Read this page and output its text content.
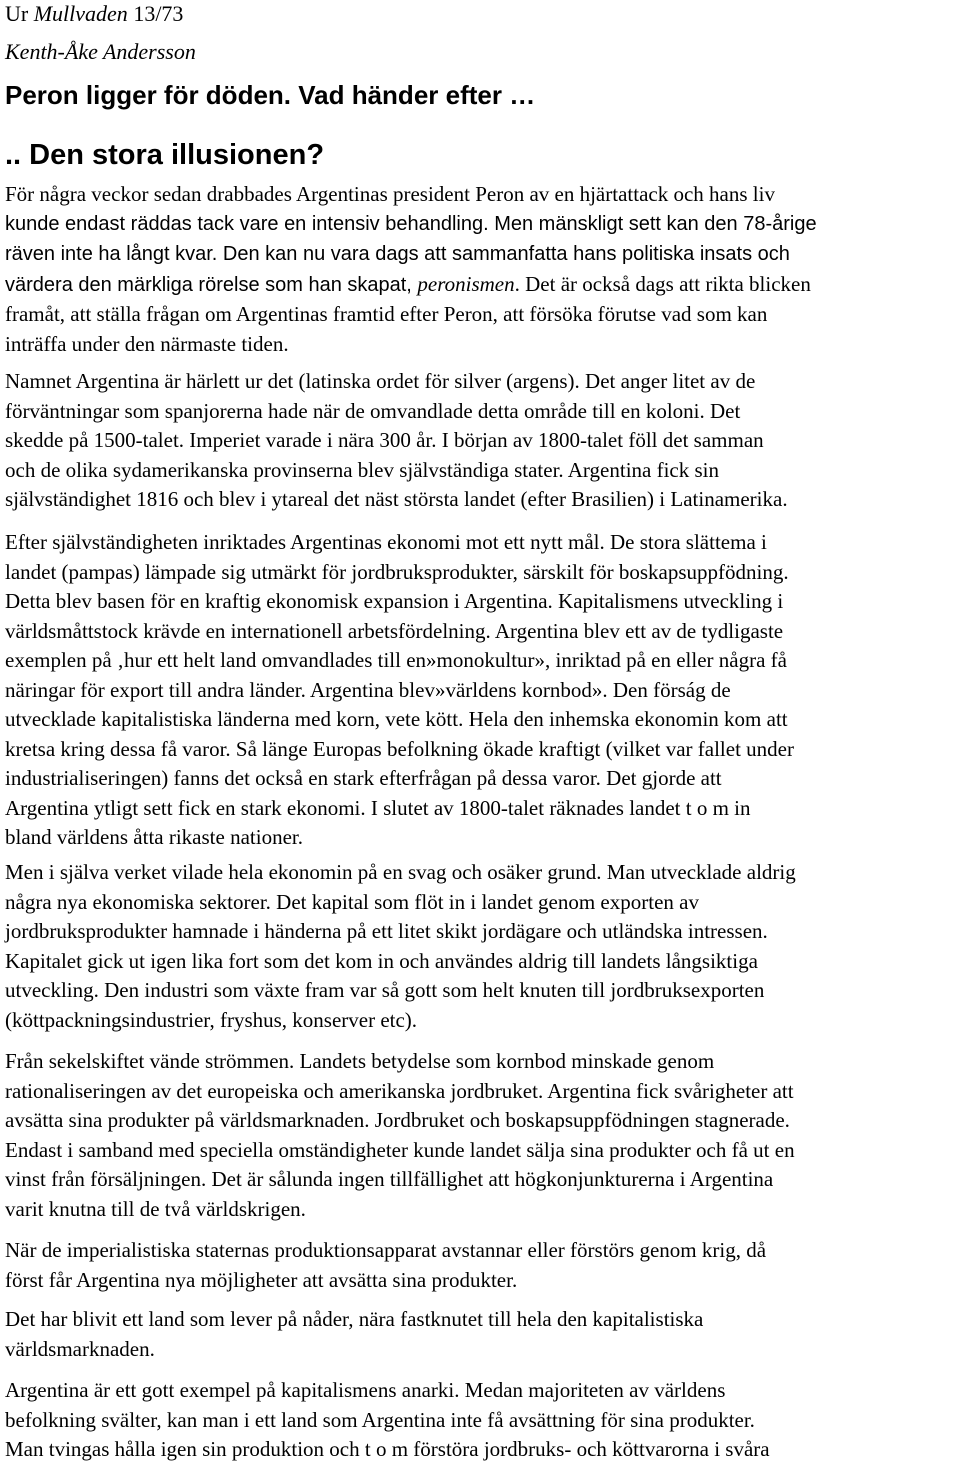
Ur Mullvaden 13/73
Kenth-Åke Andersson
Peron ligger för döden. Vad händer efter …
.. Den stora illusionen?
För några veckor sedan drabbades Argentinas president Peron av en hjärtattack och hans liv
kunde endast räddas tack vare en intensiv behandling. Men mänskligt sett kan den 78-årige
räven inte ha långt kvar. Den kan nu vara dags att sammanfatta hans politiska insats och
värdera den märkliga rörelse som han skapat, peronismen. Det är också dags att rikta blicken
framåt, att ställa frågan om Argentinas framtid efter Peron, att försöka förutse vad som kan
inträffa under den närmaste tiden.
Namnet Argentina är härlett ur det (latinska ordet för silver (argens). Det anger litet av de
förväntningar som spanjorerna hade när de omvandlade detta område till en koloni. Det
skedde på 1500-talet. Imperiet varade i nära 300 år. I början av 1800-talet föll det samman
och de olika sydamerikanska provinserna blev självständiga stater. Argentina fick sin
självständighet 1816 och blev i ytareal det näst största landet (efter Brasilien) i Latinamerika.
Efter självständigheten inriktades Argentinas ekonomi mot ett nytt mål. De stora slättema i
landet (pampas) lämpade sig utmärkt för jordbruksprodukter, särskilt för boskapsuppfödning.
Detta blev basen för en kraftig ekonomisk expansion i Argentina. Kapitalismens utveckling i
världsmåttstock krävde en internationell arbetsfördelning. Argentina blev ett av de tydligaste
exemplen på ‚hur ett helt land omvandlades till en»monokultur», inriktad på en eller några få
näringar för export till andra länder. Argentina blev»världens kornbod». Den förság de
utvecklade kapitalistiska länderna med korn, vete kött. Hela den inhemska ekonomin kom att
kretsa kring dessa få varor. Så länge Europas befolkning ökade kraftigt (vilket var fallet under
industrialiseringen) fanns det också en stark efterfrågan på dessa varor. Det gjorde att
Argentina ytligt sett fick en stark ekonomi. I slutet av 1800-talet räknades landet t o m in
bland världens åtta rikaste nationer.
Men i själva verket vilade hela ekonomin på en svag och osäker grund. Man utvecklade aldrig
några nya ekonomiska sektorer. Det kapital som flöt in i landet genom exporten av
jordbruksprodukter hamnade i händerna på ett litet skikt jordägare och utländska intressen.
Kapitalet gick ut igen lika fort som det kom in och användes aldrig till landets långsiktiga
utveckling. Den industri som växte fram var så gott som helt knuten till jordbruksexporten
(köttpackningsindustrier, fryshus, konserver etc).
Från sekelskiftet vände strömmen. Landets betydelse som kornbod minskade genom
rationaliseringen av det europeiska och amerikanska jordbruket. Argentina fick svårigheter att
avsätta sina produkter på världsmarknaden. Jordbruket och boskapsuppfödningen stagnerade.
Endast i samband med speciella omständigheter kunde landet sälja sina produkter och få ut en
vinst från försäljningen. Det är sålunda ingen tillfällighet att högkonjunkturerna i Argentina
varit knutna till de två världskrigen.
När de imperialistiska staternas produktionsapparat avstannar eller förstörs genom krig, då
först får Argentina nya möjligheter att avsätta sina produkter.
Det har blivit ett land som lever på nåder, nära fastknutet till hela den kapitalistiska
världsmarknaden.
Argentina är ett gott exempel på kapitalismens anarki. Medan majoriteten av världens
befolkning svälter, kan man i ett land som Argentina inte få avsättning för sina produkter.
Man tvingas hålla igen sin produktion och t o m förstöra jordbruks- och köttvarorna i svåra
